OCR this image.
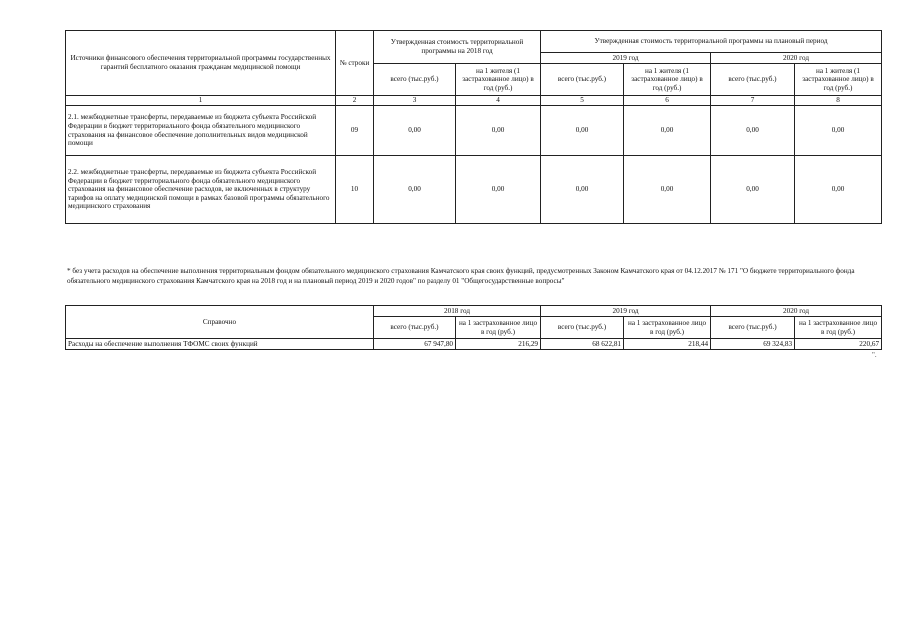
Источники финансового обеспечения территориальной программы государственных гарантий бесплатного оказания гражданам медицинской помощи	№ строки	Утвержденная стоимость территориальной программы на 2018 год		Утвержденная стоимость территориальной программы на плановый период			
				2019 год		2020 год	
		всего (тыс.руб.)	на 1 жителя (1 застрахованное лицо) в год (руб.)	всего (тыс.руб.)	на 1 жителя (1 застрахованное лицо) в год (руб.)	всего (тыс.руб.)	на 1 жителя (1 застрахованное лицо) в год (руб.)
1	2	3	4	5	6	7	8
2.1. межбюджетные трансферты, передаваемые из бюджета субъекта Российской Федерации в бюджет территориального фонда обязательного медицинского страхования на финансовое обеспечение дополнительных видов медицинской помощи	09	0,00	0,00	0,00	0,00	0,00	0,00
2.2. межбюджетные трансферты, передаваемые из бюджета субъекта Российской Федерации в бюджет территориального фонда обязательного медицинского страхования на финансовое обеспечение расходов, не включенных в структуру тарифов на оплату медицинской помощи в рамках базовой программы обязательного медицинского страхования	10	0,00	0,00	0,00	0,00	0,00	0,00
* без учета расходов на обеспечение выполнения территориальным фондом обязательного медицинского страхования Камчатского края своих функций, предусмотренных Законом Камчатского края от 04.12.2017 № 171 "О бюджете территориального фонда обязательного медицинского страхования Камчатского края на 2018 год и на плановый период 2019 и 2020 годов" по разделу 01 "Общегосударственные вопросы"
Справочно	2018 год		2019 год		2020 год	
	всего (тыс.руб.)	на 1 застрахованное лицо в год (руб.)	всего (тыс.руб.)	на 1 застрахованное лицо в год (руб.)	всего (тыс.руб.)	на 1 застрахованное лицо в год (руб.)
Расходы на обеспечение выполнения ТФОМС своих функций	67 947,80	216,29	68 622,81	218,44	69 324,83	220,67
".
